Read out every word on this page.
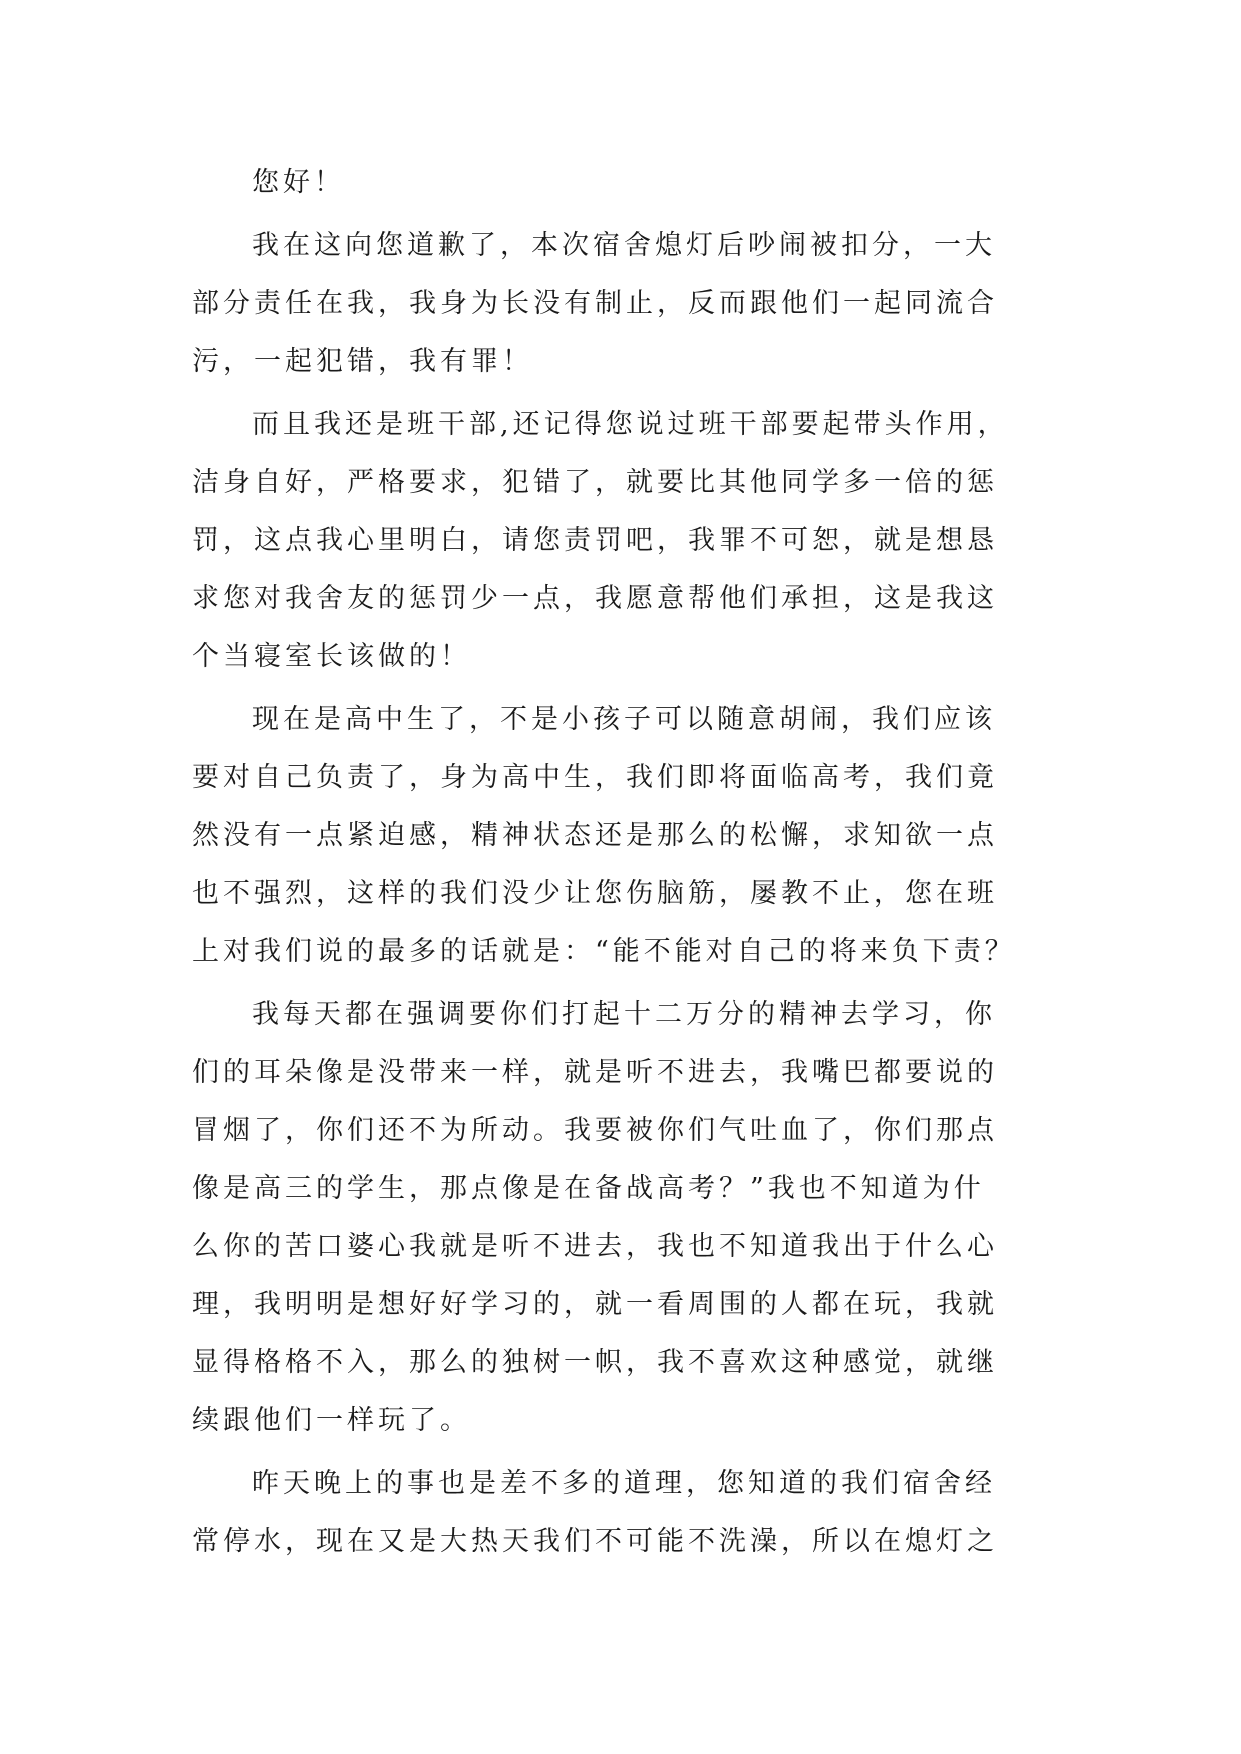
您好！
我在这向您道歉了，本次宿舍熄灯后吵闹被扣分，一大
部分责任在我，我身为长没有制止，反而跟他们一起同流合
污，一起犯错，我有罪！
而且我还是班干部,还记得您说过班干部要起带头作用，
洁身自好，严格要求，犯错了，就要比其他同学多一倍的惩
罚，这点我心里明白，请您责罚吧，我罪不可恕，就是想恳
求您对我舍友的惩罚少一点，我愿意帮他们承担，这是我这
个当寝室长该做的！
现在是高中生了，不是小孩子可以随意胡闹，我们应该
要对自己负责了，身为高中生，我们即将面临高考，我们竟
然没有一点紧迫感，精神状态还是那么的松懈，求知欲一点
也不强烈，这样的我们没少让您伤脑筋，屡教不止，您在班
上对我们说的最多的话就是：“能不能对自己的将来负下责？
我每天都在强调要你们打起十二万分的精神去学习，你
们的耳朵像是没带来一样，就是听不进去，我嘴巴都要说的
冒烟了，你们还不为所动。我要被你们气吐血了，你们那点
像是高三的学生，那点像是在备战高考？”我也不知道为什
么你的苦口婆心我就是听不进去，我也不知道我出于什么心
理，我明明是想好好学习的，就一看周围的人都在玩，我就
显得格格不入，那么的独树一帜，我不喜欢这种感觉，就继
续跟他们一样玩了。
昨天晚上的事也是差不多的道理，您知道的我们宿舍经
常停水，现在又是大热天我们不可能不洗澡，所以在熄灯之
